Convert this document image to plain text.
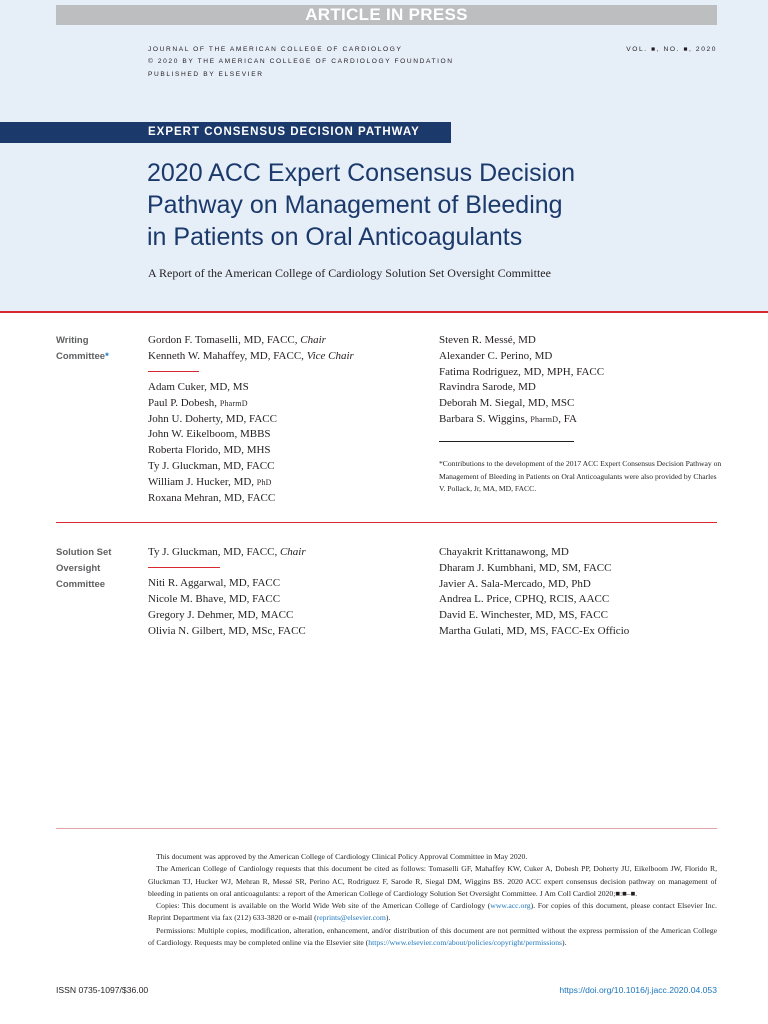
ARTICLE IN PRESS
JOURNAL OF THE AMERICAN COLLEGE OF CARDIOLOGY
© 2020 BY THE AMERICAN COLLEGE OF CARDIOLOGY FOUNDATION
PUBLISHED BY ELSEVIER
VOL. ■, NO. ■, 2020
EXPERT CONSENSUS DECISION PATHWAY
2020 ACC Expert Consensus Decision
Pathway on Management of Bleeding
in Patients on Oral Anticoagulants
A Report of the American College of Cardiology Solution Set Oversight Committee
Writing
Committee*
Gordon F. Tomaselli, MD, FACC, Chair
Kenneth W. Mahaffey, MD, FACC, Vice Chair
Adam Cuker, MD, MS
Paul P. Dobesh, PharmD
John U. Doherty, MD, FACC
John W. Eikelboom, MBBS
Roberta Florido, MD, MHS
Ty J. Gluckman, MD, FACC
William J. Hucker, MD, PhD
Roxana Mehran, MD, FACC
Steven R. Messé, MD
Alexander C. Perino, MD
Fatima Rodriguez, MD, MPH, FACC
Ravindra Sarode, MD
Deborah M. Siegal, MD, MSC
Barbara S. Wiggins, PharmD, FA
*Contributions to the development of the 2017 ACC Expert Consensus Decision Pathway on Management of Bleeding in Patients on Oral Anticoagulants were also provided by Charles V. Pollack, Jr, MA, MD, FACC.
Solution Set
Oversight
Committee
Ty J. Gluckman, MD, FACC, Chair
Niti R. Aggarwal, MD, FACC
Nicole M. Bhave, MD, FACC
Gregory J. Dehmer, MD, MACC
Olivia N. Gilbert, MD, MSc, FACC
Chayakrit Krittanawong, MD
Dharam J. Kumbhani, MD, SM, FACC
Javier A. Sala-Mercado, MD, PhD
Andrea L. Price, CPHQ, RCIS, AACC
David E. Winchester, MD, MS, FACC
Martha Gulati, MD, MS, FACC-Ex Officio

This document was approved by the American College of Cardiology Clinical Policy Approval Committee in May 2020.

The American College of Cardiology requests that this document be cited as follows: Tomaselli GF, Mahaffey KW, Cuker A, Dobesh PP, Doherty JU, Eikelboom JW, Florido R, Gluckman TJ, Hucker WJ, Mehran R, Messé SR, Perino AC, Rodriguez F, Sarode R, Siegal DM, Wiggins BS. 2020 ACC expert consensus decision pathway on management of bleeding in patients on oral anticoagulants: a report of the American College of Cardiology Solution Set Oversight Committee. J Am Coll Cardiol 2020;■:■–■.

Copies: This document is available on the World Wide Web site of the American College of Cardiology (www.acc.org). For copies of this document, please contact Elsevier Inc. Reprint Department via fax (212) 633-3820 or e-mail (reprints@elsevier.com).

Permissions: Multiple copies, modification, alteration, enhancement, and/or distribution of this document are not permitted without the express permission of the American College of Cardiology. Requests may be completed online via the Elsevier site (https://www.elsevier.com/about/policies/copyright/permissions).

ISSN 0735-1097/$36.00	https://doi.org/10.1016/j.jacc.2020.04.053
